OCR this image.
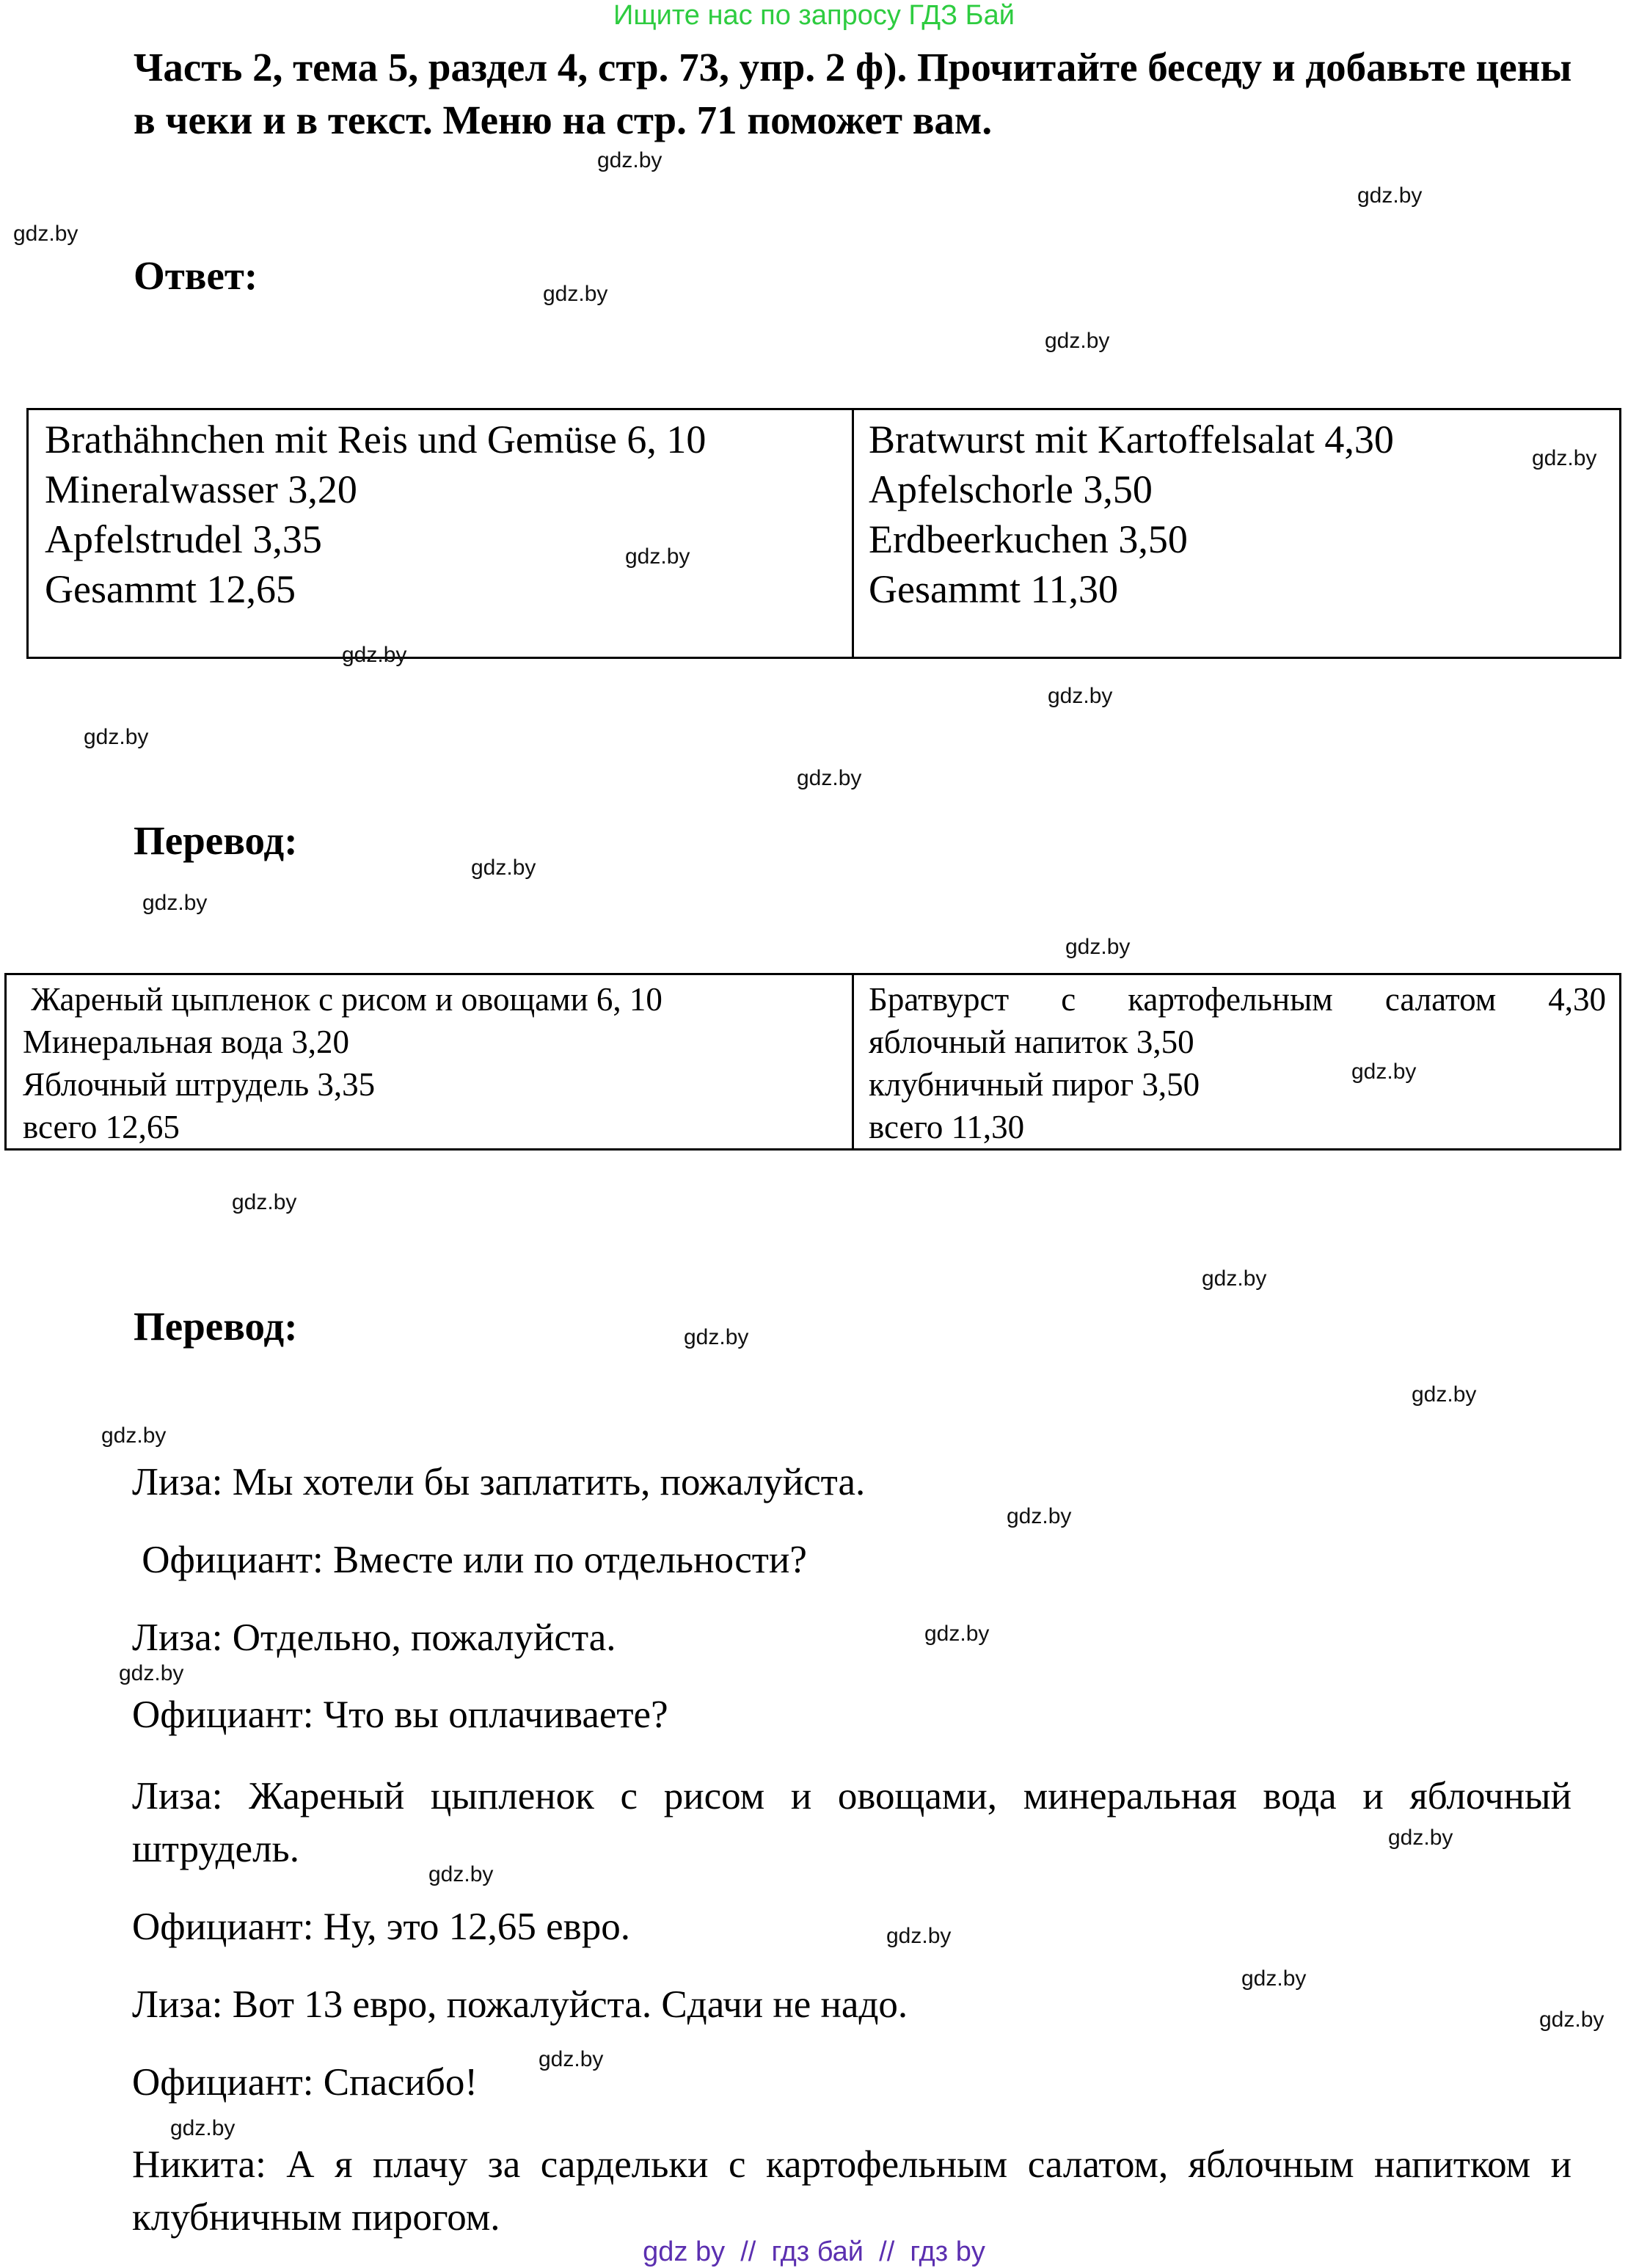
Ищите нас по запросу ГДЗ Бай
Часть 2, тема 5, раздел 4, стр. 73, упр. 2 ф). Прочитайте беседу и добавьте цены в чеки и в текст. Меню на стр. 71 поможет вам.
Ответ:
Brathähnchen mit Reis und Gemüse 6, 10
Mineralwasser 3,20
Apfelstrudel 3,35
Gesammt 12,65

Bratwurst mit Kartoffelsalat 4,30
Apfelschorle 3,50
Erdbeerkuchen 3,50
Gesammt 11,30
Перевод:
Жареный цыпленок с рисом и овощами 6, 10
Минеральная вода 3,20
Яблочный штрудель 3,35
всего 12,65

Братвурст с картофельным салатом 4,30
яблочный напиток 3,50
клубничный пирог 3,50
всего 11,30
Перевод:
Лиза: Мы хотели бы заплатить, пожалуйста.
Официант: Вместе или по отдельности?
Лиза: Отдельно, пожалуйста.
Официант: Что вы оплачиваете?
Лиза: Жареный цыпленок с рисом и овощами, минеральная вода и яблочный штрудель.
Официант: Ну, это 12,65 евро.
Лиза: Вот 13 евро, пожалуйста. Сдачи не надо.
Официант: Спасибо!
Никита: А я плачу за сардельки с картофельным салатом, яблочным напитком и клубничным пирогом.
gdz.by
gdz.by
gdz.by
gdz.by
gdz.by
gdz.by
gdz.by
gdz.by
gdz.by
gdz.by
gdz.by
gdz.by
gdz.by
gdz.by
gdz.by
gdz.by
gdz.by
gdz.by
gdz.by
gdz.by
gdz.by
gdz.by
gdz.by
gdz.by
gdz.by
gdz.by
gdz.by
gdz.by
gdz.by
gdz.by
gdz by  //  гдз бай  //  гдз by
